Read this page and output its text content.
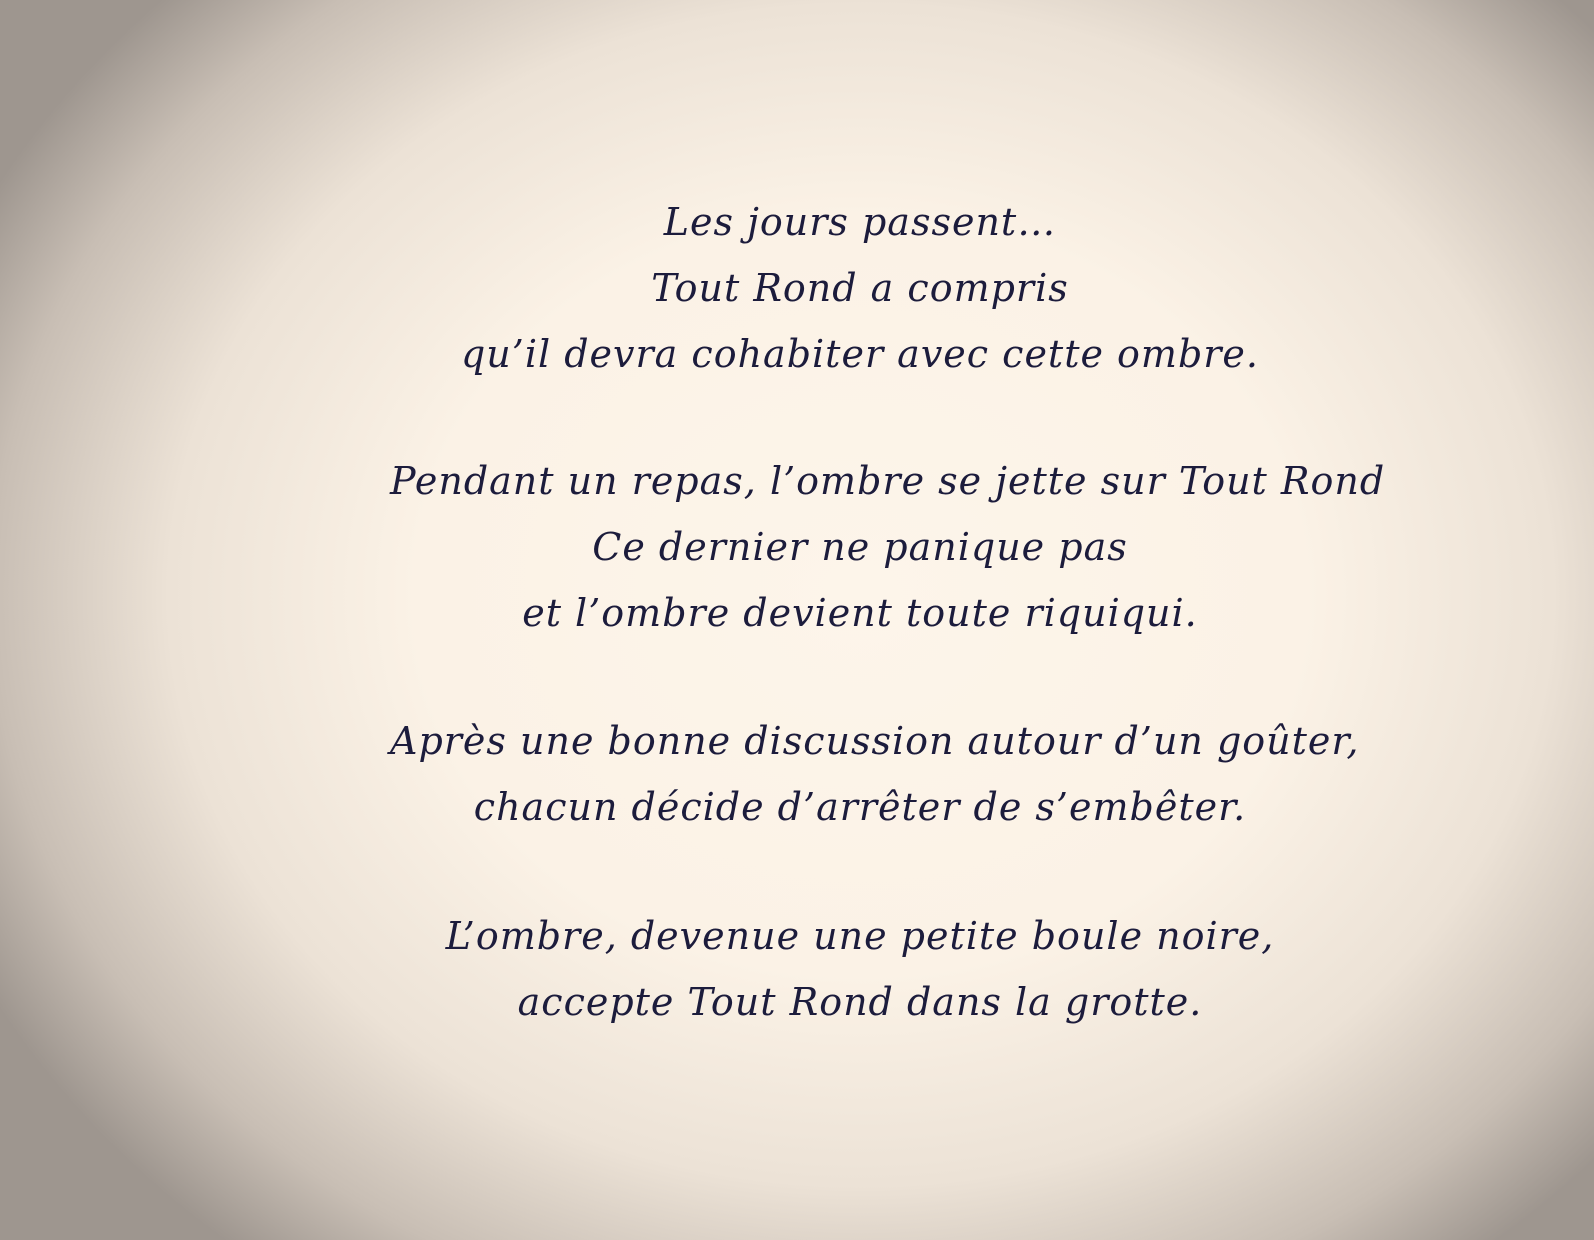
Les jours passent…
Tout Rond a compris
qu’il devra cohabiter avec cette ombre.
Pendant un repas, l’ombre se jette sur Tout Rond
Ce dernier ne panique pas
et l’ombre devient toute riquiqui.
Après une bonne discussion autour d’un goûter,
chacun décide d’arrêter de s’embêter.
L’ombre, devenue une petite boule noire,
accepte Tout Rond dans la grotte.
